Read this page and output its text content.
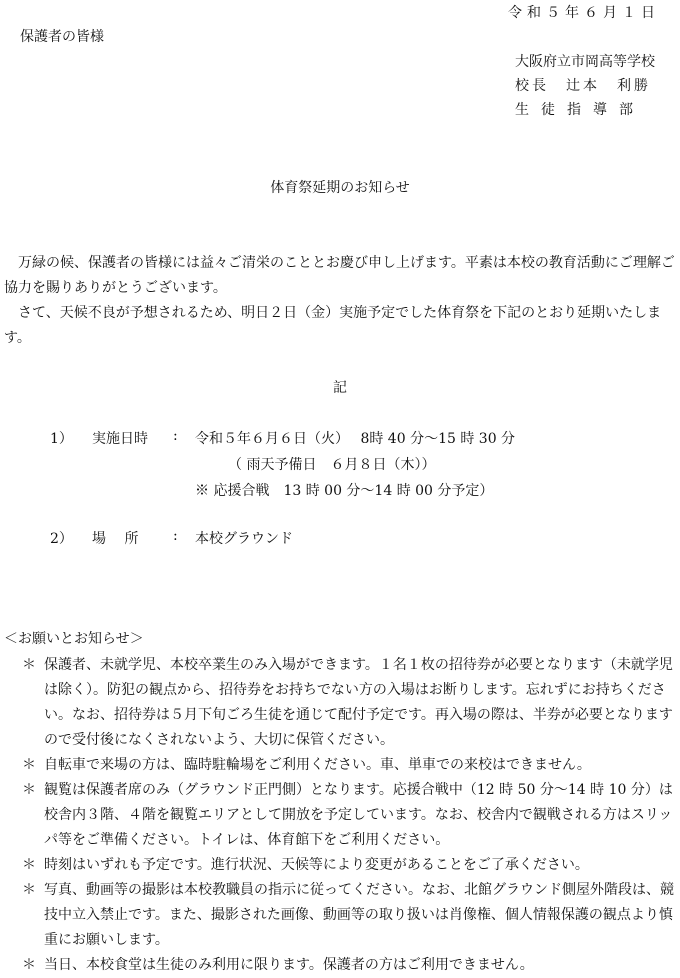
令和５年６月１日
保護者の皆様
大阪府立市岡高等学校
校長　辻本　利勝
生徒指導部
体育祭延期のお知らせ
万緑の候、保護者の皆様には益々ご清栄のこととお慶び申し上げます。平素は本校の教育活動にご理解ご協力を賜りありがとうございます。
さて、天候不良が予想されるため、明日２日（金）実施予定でした体育祭を下記のとおり延期いたします。
記
1） 実施日時 : 令和５年６月６日（火）　 8時 40 分～15 時 30 分
（ 雨天予備日　６月８日（木））
※ 応援合戦　13 時 00 分～14 時 00 分予定）
2） 場　 所 : 本校グラウンド
＜お願いとお知らせ＞
＊ 保護者、未就学児、本校卒業生のみ入場ができます。１名１枚の招待券が必要となります（未就学児は除く）。防犯の観点から、招待券をお持ちでない方の入場はお断りします。忘れずにお持ちください。なお、招待券は５月下旬ごろ生徒を通じて配付予定です。再入場の際は、半券が必要となりますので受付後になくされないよう、大切に保管ください。
＊ 自転車で来場の方は、臨時駐輪場をご利用ください。車、単車での来校はできません。
＊ 観覧は保護者席のみ（グラウンド正門側）となります。応援合戦中（12 時 50 分～14 時 10 分）は校舎内３階、４階を観覧エリアとして開放を予定しています。なお、校舎内で観戦される方はスリッパ等をご準備ください。トイレは、体育館下をご利用ください。
＊ 時刻はいずれも予定です。進行状況、天候等により変更があることをご了承ください。
＊ 写真、動画等の撮影は本校教職員の指示に従ってください。なお、北館グラウンド側屋外階段は、競技中立入禁止です。また、撮影された画像、動画等の取り扱いは肖像権、個人情報保護の観点より慎重にお願いします。
＊ 当日、本校食堂は生徒のみ利用に限ります。保護者の方はご利用できません。
